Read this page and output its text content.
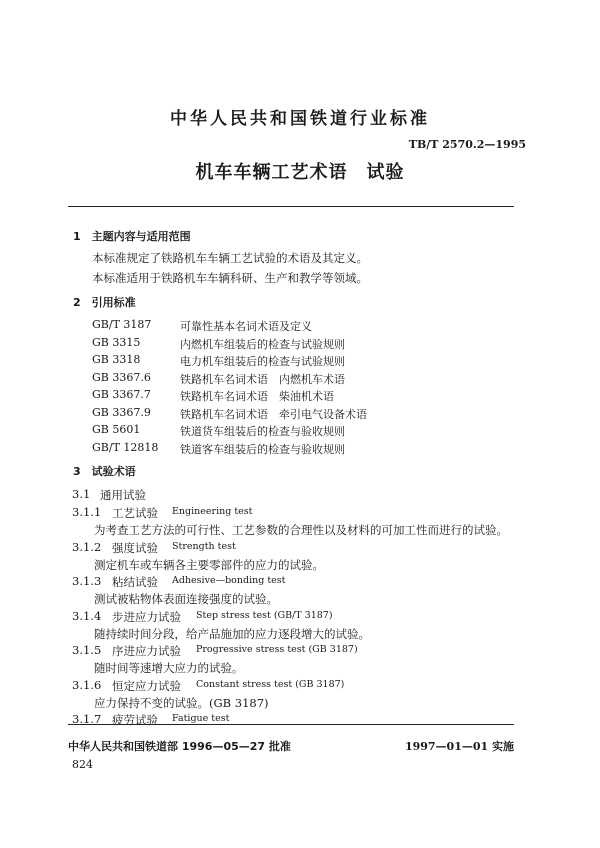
中华人民共和国铁道行业标准
TB/T 2570.2—1995
机车车辆工艺术语　试验
1　主题内容与适用范围
本标准规定了铁路机车车辆工艺试验的术语及其定义。
本标准适用于铁路机车车辆科研、生产和教学等领域。
2　引用标准
GB/T 3187	可靠性基本名词术语及定义
GB 3315	内燃机车组装后的检查与试验规则
GB 3318	电力机车组装后的检查与试验规则
GB 3367.6	铁路机车名词术语　内燃机车术语
GB 3367.7	铁路机车名词术语　柴油机术语
GB 3367.9	铁路机车名词术语　牵引电气设备术语
GB 5601	铁道货车组装后的检查与验收规则
GB/T 12818 铁道客车组装后的检查与验收规则
3　试验术语
3.1 通用试验
3.1.1 工艺试验 Engineering test
为考查工艺方法的可行性、工艺参数的合理性以及材料的可加工性而进行的试验。
3.1.2 强度试验 Strength test
测定机车或车辆各主要零部件的应力的试验。
3.1.3 粘结试验 Adhesive—bonding test
测试被粘物体表面连接强度的试验。
3.1.4 步进应力试验 Step stress test (GB/T 3187)
随持续时间分段，给产品施加的应力逐段增大的试验。
3.1.5 序进应力试验 Progressive stress test (GB 3187)
随时间等速增大应力的试验。
3.1.6 恒定应力试验 Constant stress test (GB 3187)
应力保持不变的试验。(GB 3187)
3.1.7 疲劳试验 Fatigue test
中华人民共和国铁道部 1996—05—27 批准	1997—01—01 实施
824
